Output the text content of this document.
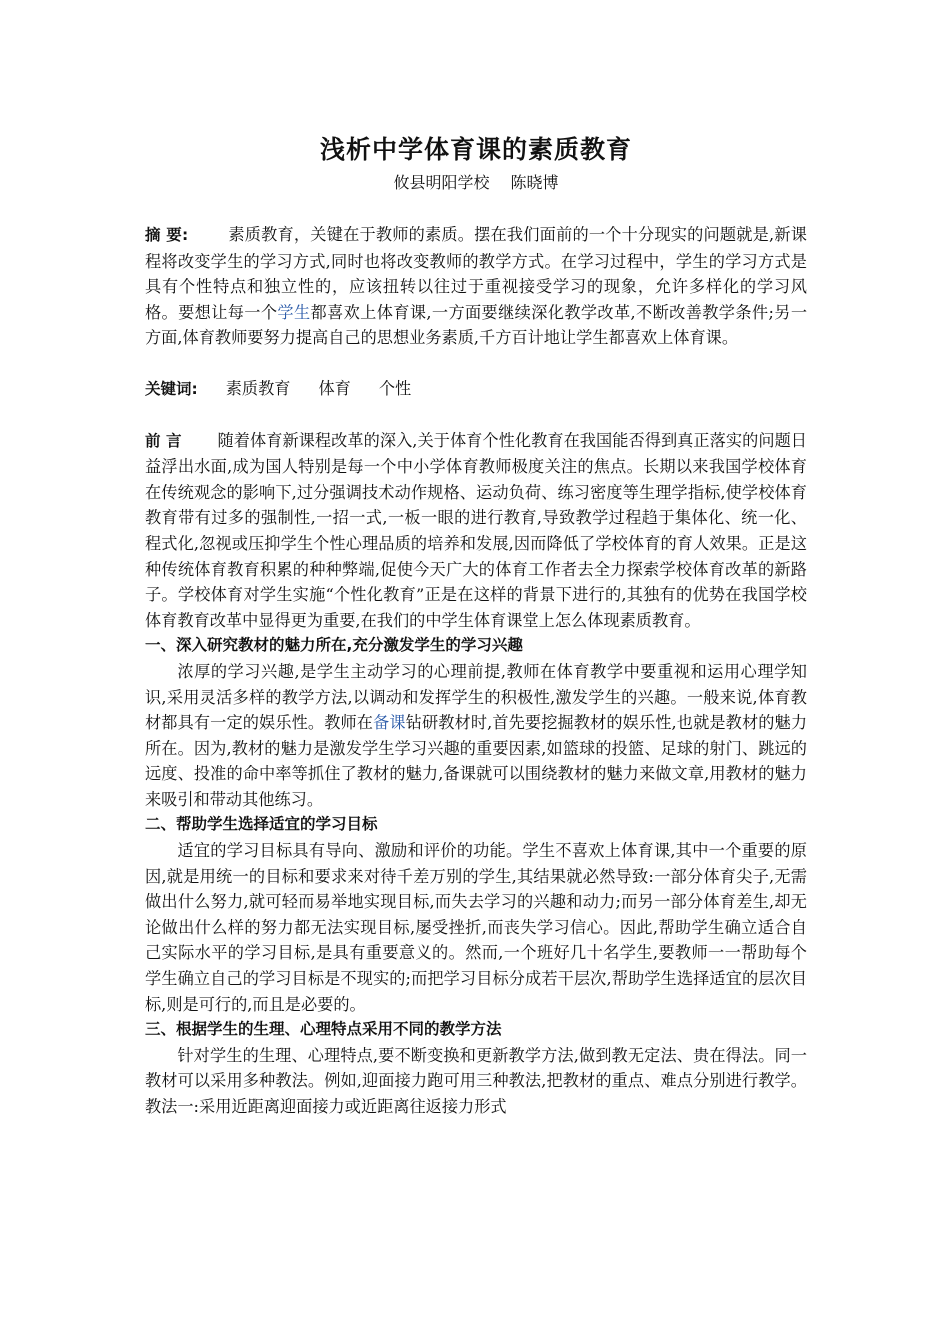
浅析中学体育课的素质教育
攸县明阳学校 陈晓博

摘 要: 素质教育，关键在于教师的素质。摆在我们面前的一个十分现实的问题就是,新课程将改变学生的学习方式,同时也将改变教师的教学方式。在学习过程中，学生的学习方式是具有个性特点和独立性的，应该扭转以往过于重视接受学习的现象，允许多样化的学习风格。要想让每一个学生都喜欢上体育课,一方面要继续深化教学改革,不断改善教学条件;另一方面,体育教师要努力提高自己的思想业务素质,千方百计地让学生都喜欢上体育课。

关键词: 素质教育 体育 个性

前 言 随着体育新课程改革的深入,关于体育个性化教育在我国能否得到真正落实的问题日益浮出水面,成为国人特别是每一个中小学体育教师极度关注的焦点。长期以来我国学校体育在传统观念的影响下,过分强调技术动作规格、运动负荷、练习密度等生理学指标,使学校体育教育带有过多的强制性,一招一式,一板一眼的进行教育,导致教学过程趋于集体化、统一化、程式化,忽视或压抑学生个性心理品质的培养和发展,因而降低了学校体育的育人效果。正是这种传统体育教育积累的种种弊端,促使今天广大的体育工作者去全力探索学校体育改革的新路子。学校体育对学生实施“个性化教育”正是在这样的背景下进行的,其独有的优势在我国学校体育教育改革中显得更为重要,在我们的中学生体育课堂上怎么体现素质教育。

一、深入研究教材的魅力所在,充分激发学生的学习兴趣

浓厚的学习兴趣,是学生主动学习的心理前提,教师在体育教学中要重视和运用心理学知识,采用灵活多样的教学方法,以调动和发挥学生的积极性,激发学生的兴趣。一般来说,体育教材都具有一定的娱乐性。教师在备课钻研教材时,首先要挖掘教材的娱乐性,也就是教材的魅力所在。因为,教材的魅力是激发学生学习兴趣的重要因素,如篮球的投篮、足球的射门、跳远的远度、投准的命中率等抓住了教材的魅力,备课就可以围绕教材的魅力来做文章,用教材的魅力来吸引和带动其他练习。

二、帮助学生选择适宜的学习目标

适宜的学习目标具有导向、激励和评价的功能。学生不喜欢上体育课,其中一个重要的原因,就是用统一的目标和要求来对待千差万别的学生,其结果就必然导致:一部分体育尖子,无需做出什么努力,就可轻而易举地实现目标,而失去学习的兴趣和动力;而另一部分体育差生,却无论做出什么样的努力都无法实现目标,屡受挫折,而丧失学习信心。因此,帮助学生确立适合自己实际水平的学习目标,是具有重要意义的。然而,一个班好几十名学生,要教师一一帮助每个学生确立自己的学习目标是不现实的;而把学习目标分成若干层次,帮助学生选择适宜的层次目标,则是可行的,而且是必要的。

三、根据学生的生理、心理特点采用不同的教学方法

针对学生的生理、心理特点,要不断变换和更新教学方法,做到教无定法、贵在得法。同一教材可以采用多种教法。例如,迎面接力跑可用三种教法,把教材的重点、难点分别进行教学。教法一:采用近距离迎面接力或近距离往返接力形式
